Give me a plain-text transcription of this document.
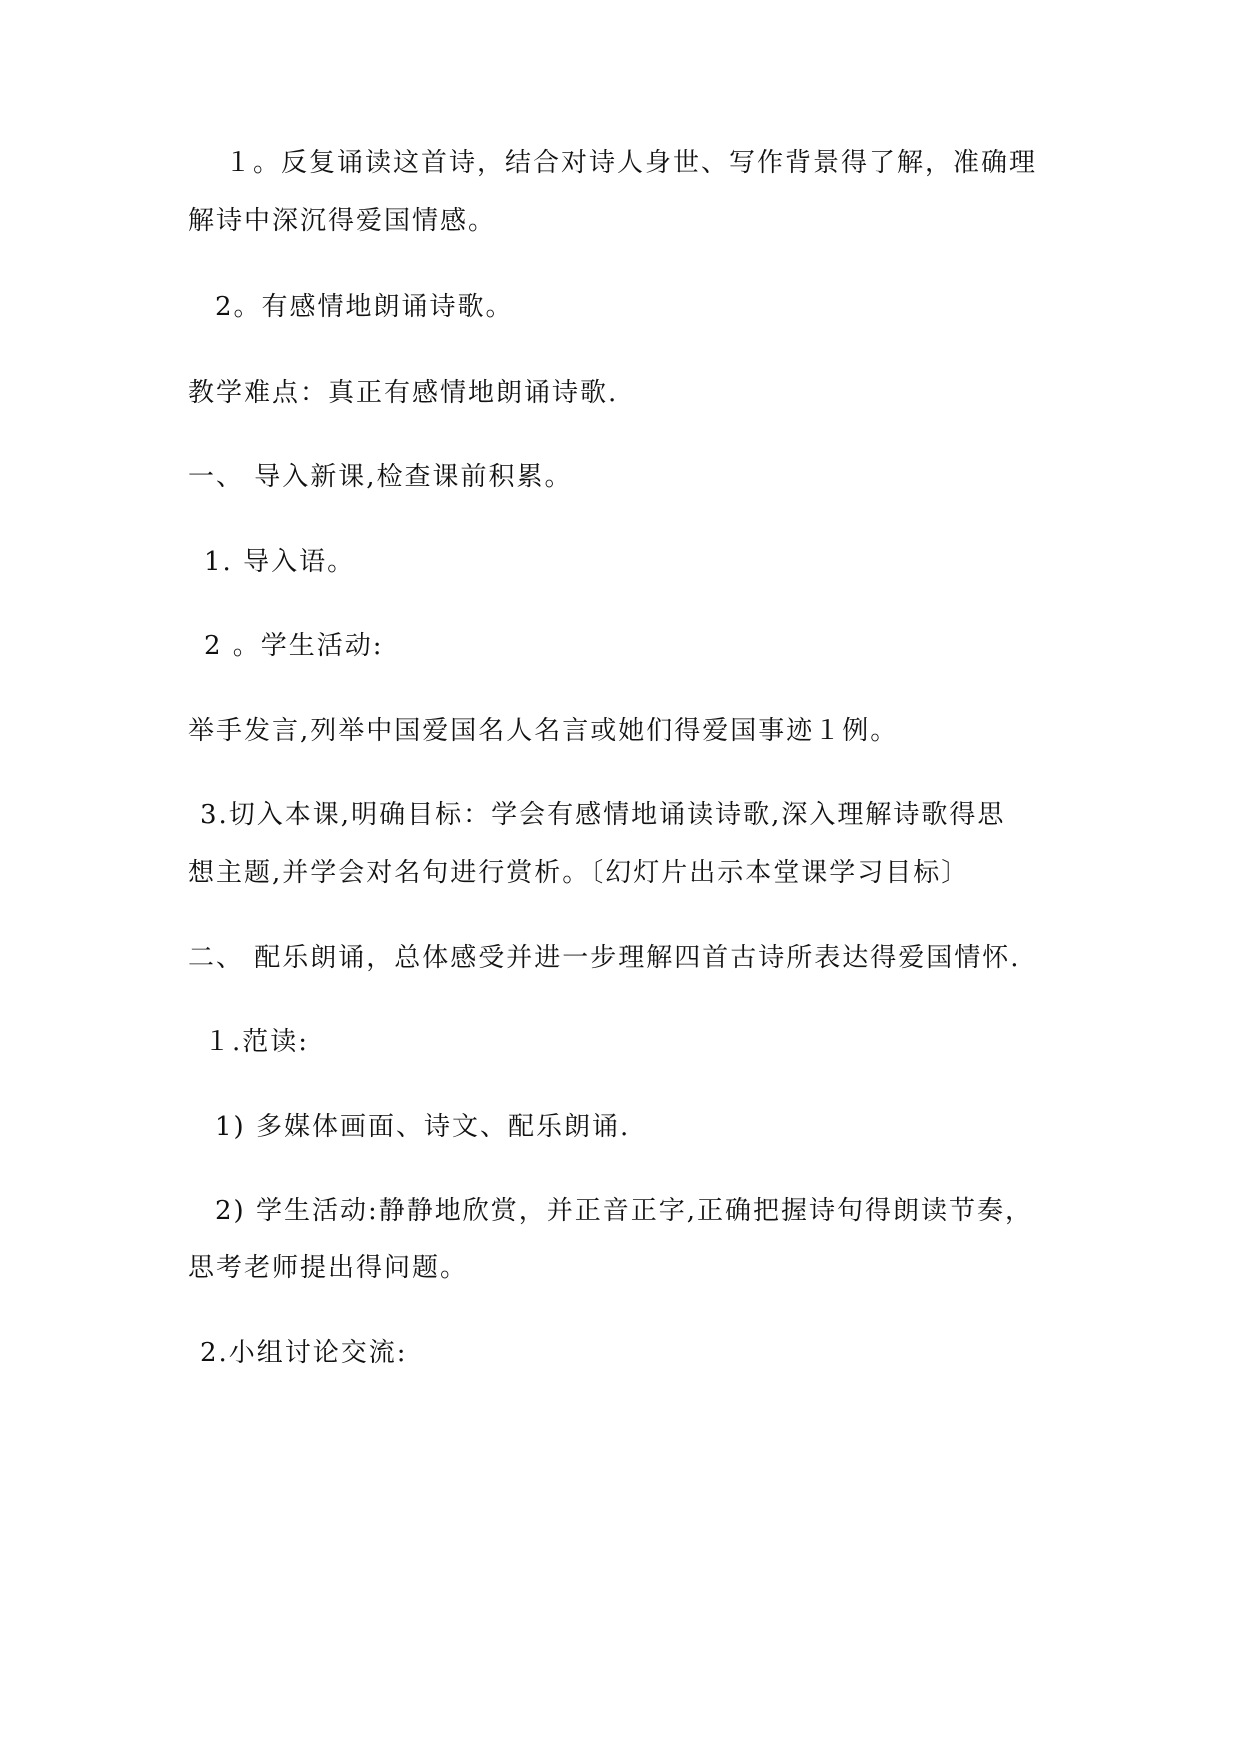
１。反复诵读这首诗，结合对诗人身世、写作背景得了解，准确理
解诗中深沉得爱国情感。
2。有感情地朗诵诗歌。
教学难点：真正有感情地朗诵诗歌.
一、 导入新课,检查课前积累。
1. 导入语。
2 。学生活动:
举手发言,列举中国爱国名人名言或她们得爱国事迹１例。
3.切入本课,明确目标：学会有感情地诵读诗歌,深入理解诗歌得思
想主题,并学会对名句进行赏析。〔幻灯片出示本堂课学习目标〕
二、 配乐朗诵，总体感受并进一步理解四首古诗所表达得爱国情怀.
１.范读:
1) 多媒体画面、诗文、配乐朗诵.
2) 学生活动:静静地欣赏，并正音正字,正确把握诗句得朗读节奏，
思考老师提出得问题。
2.小组讨论交流:
